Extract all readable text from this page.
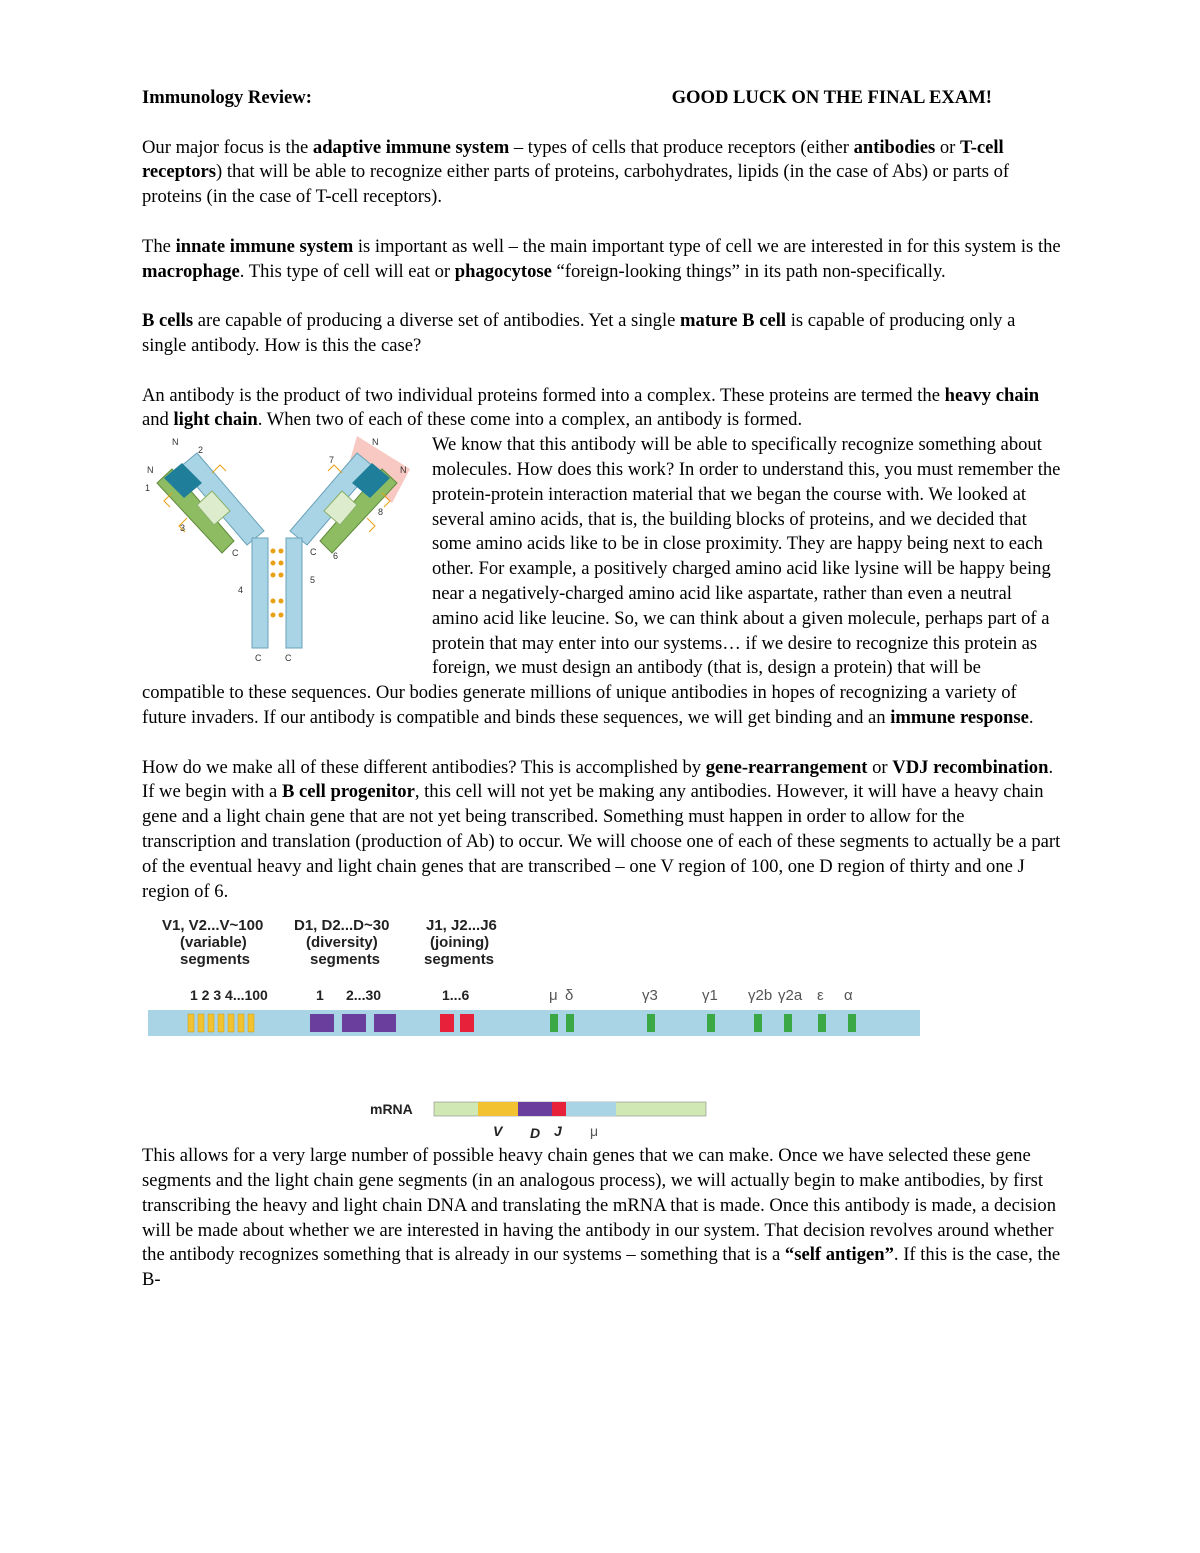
Immunology Review:	GOOD LUCK ON THE FINAL EXAM!

Our major focus is the adaptive immune system – types of cells that produce receptors (either antibodies or T-cell receptors) that will be able to recognize either parts of proteins, carbohydrates, lipids (in the case of Abs) or parts of proteins (in the case of T-cell receptors).

The innate immune system is important as well – the main important type of cell we are interested in for this system is the macrophage. This type of cell will eat or phagocytose “foreign-looking things” in its path non-specifically.

B cells are capable of producing a diverse set of antibodies. Yet a single mature B cell is capable of producing only a single antibody. How is this the case?

An antibody is the product of two individual proteins formed into a complex. These proteins are termed the heavy chain and light chain. When two of each of these come into a complex, an antibody is formed.

N
2
N
1
3
C
4
C	C
5
N
7
N
8
C 6

We know that this antibody will be able to specifically recognize something about molecules. How does this work? In order to understand this, you must remember the protein-protein interaction material that we began the course with. We looked at several amino acids, that is, the building blocks of proteins, and we decided that some amino acids like to be in close proximity. They are happy being next to each other. For example, a positively charged amino acid like lysine will be happy being near a negatively-charged amino acid like aspartate, rather than even a neutral amino acid like leucine. So, we can think about a given molecule, perhaps part of a protein that may enter into our systems… if we desire to recognize this protein as foreign, we must design an antibody (that is, design a protein) that will be compatible to these sequences. Our bodies generate millions of unique antibodies in hopes of recognizing a variety of future invaders. If our antibody is compatible and binds these sequences, we will get binding and an immune response.

How do we make all of these different antibodies? This is accomplished by gene-rearrangement or VDJ recombination. If we begin with a B cell progenitor, this cell will not yet be making any antibodies. However, it will have a heavy chain gene and a light chain gene that are not yet being transcribed. Something must happen in order to allow for the transcription and translation (production of Ab) to occur. We will choose one of each of these segments to actually be a part of the eventual heavy and light chain genes that are transcribed – one V region of 100, one D region of thirty and one J region of 6.

V1, V2...V~100
(variable)
segments
D1, D2...D~30
(diversity)
segments
J1, J2...J6
(joining)
segments
1 2 3 4...100	1 2...30	1...6	μ δ	γ3	γ1 γ2b γ2a ε α
mRNA
V D J μ

This allows for a very large number of possible heavy chain genes that we can make. Once we have selected these gene segments and the light chain gene segments (in an analogous process), we will actually begin to make antibodies, by first transcribing the heavy and light chain DNA and translating the mRNA that is made. Once this antibody is made, a decision will be made about whether we are interested in having the antibody in our system. That decision revolves around whether the antibody recognizes something that is already in our systems – something that is a “self antigen”. If this is the case, the B-
